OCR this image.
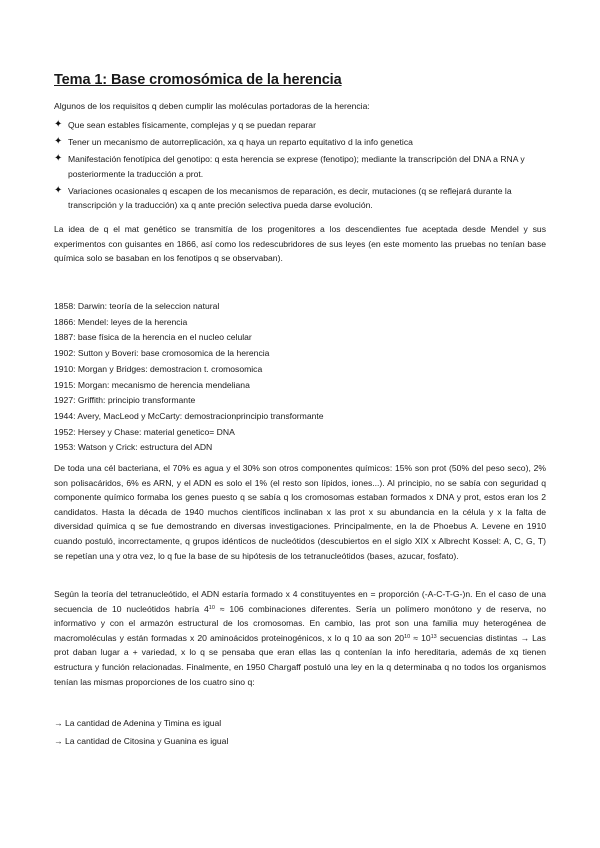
Tema 1: Base cromosómica de la herencia

Algunos de los requisitos q deben cumplir las moléculas portadoras de la herencia:

✦ Que sean estables físicamente, complejas y q se puedan reparar
✦ Tener un mecanismo de autorreplicación, xa q haya un reparto equitativo d la info genetica
✦ Manifestación fenotípica del genotipo: q esta herencia se exprese (fenotipo); mediante la transcripción del DNA a RNA y posteriormente la traducción a prot.
✦ Variaciones ocasionales q escapen de los mecanismos de reparación, es decir, mutaciones (q se reflejará durante la transcripción y la traducción) xa q ante preción selectiva pueda darse evolución.

La idea de q el mat genético se transmitía de los progenitores a los descendientes fue aceptada desde Mendel y sus experimentos con guisantes en 1866, así como los redescubridores de sus leyes (en este momento las pruebas no tenían base química solo se basaban en los fenotipos q se observaban).

1858: Darwin: teoría de la seleccion natural
1866: Mendel: leyes de la herencia
1887: base física de la herencia en el nucleo celular
1902: Sutton y Boveri: base cromosomica de la herencia
1910: Morgan y Bridges: demostracion t. cromosomica
1915: Morgan: mecanismo de herencia mendeliana
1927: Griffith: principio transformante
1944: Avery, MacLeod y McCarty: demostracionprincipio transformante
1952: Hersey y Chase: material genetico= DNA
1953: Watson y Crick: estructura del ADN

De toda una cél bacteriana, el 70% es agua y el 30% son otros componentes químicos: 15% son prot (50% del peso seco), 2% son polisacáridos, 6% es ARN, y el ADN es solo el 1% (el resto son lípidos, iones...). Al principio, no se sabía con seguridad q componente químico formaba los genes puesto q se sabía q los cromosomas estaban formados x DNA y prot, estos eran los 2 candidatos. Hasta la década de 1940 muchos científicos inclinaban x las prot x su abundancia en la célula y x la falta de diversidad química q se fue demostrando en diversas investigaciones. Principalmente, en la de Phoebus A. Levene en 1910 cuando postuló, incorrectamente, q grupos idénticos de nucleótidos (descubiertos en el siglo XIX x Albrecht Kossel: A, C, G, T) se repetían una y otra vez, lo q fue la base de su hipótesis de los tetranucleótidos (bases, azucar, fosfato).

Según la teoría del tetranucleótido, el ADN estaría formado x 4 constituyentes en = proporción (-A-C-T-G-)n. En el caso de una secuencia de 10 nucleótidos habría $4^{10} \approx 106$ combinaciones diferentes. Sería un polímero monótono y de reserva, no informativo y con el armazón estructural de los cromosomas. En cambio, las prot son una familia muy heterogénea de macromoléculas y están formadas x 20 aminoácidos proteinogénicos, x lo q 10 aa son $20^{10} \approx 10^{13}$ secuencias distintas → Las prot daban lugar a + variedad, x lo q se pensaba que eran ellas las q contenían la info hereditaria, además de xq tienen estructura y función relacionadas. Finalmente, en 1950 Chargaff postuló una ley en la q determinaba q no todos los organismos tenían las mismas proporciones de los cuatro sino q:

→ La cantidad de Adenina y Timina es igual
→ La cantidad de Citosina y Guanina es igual
